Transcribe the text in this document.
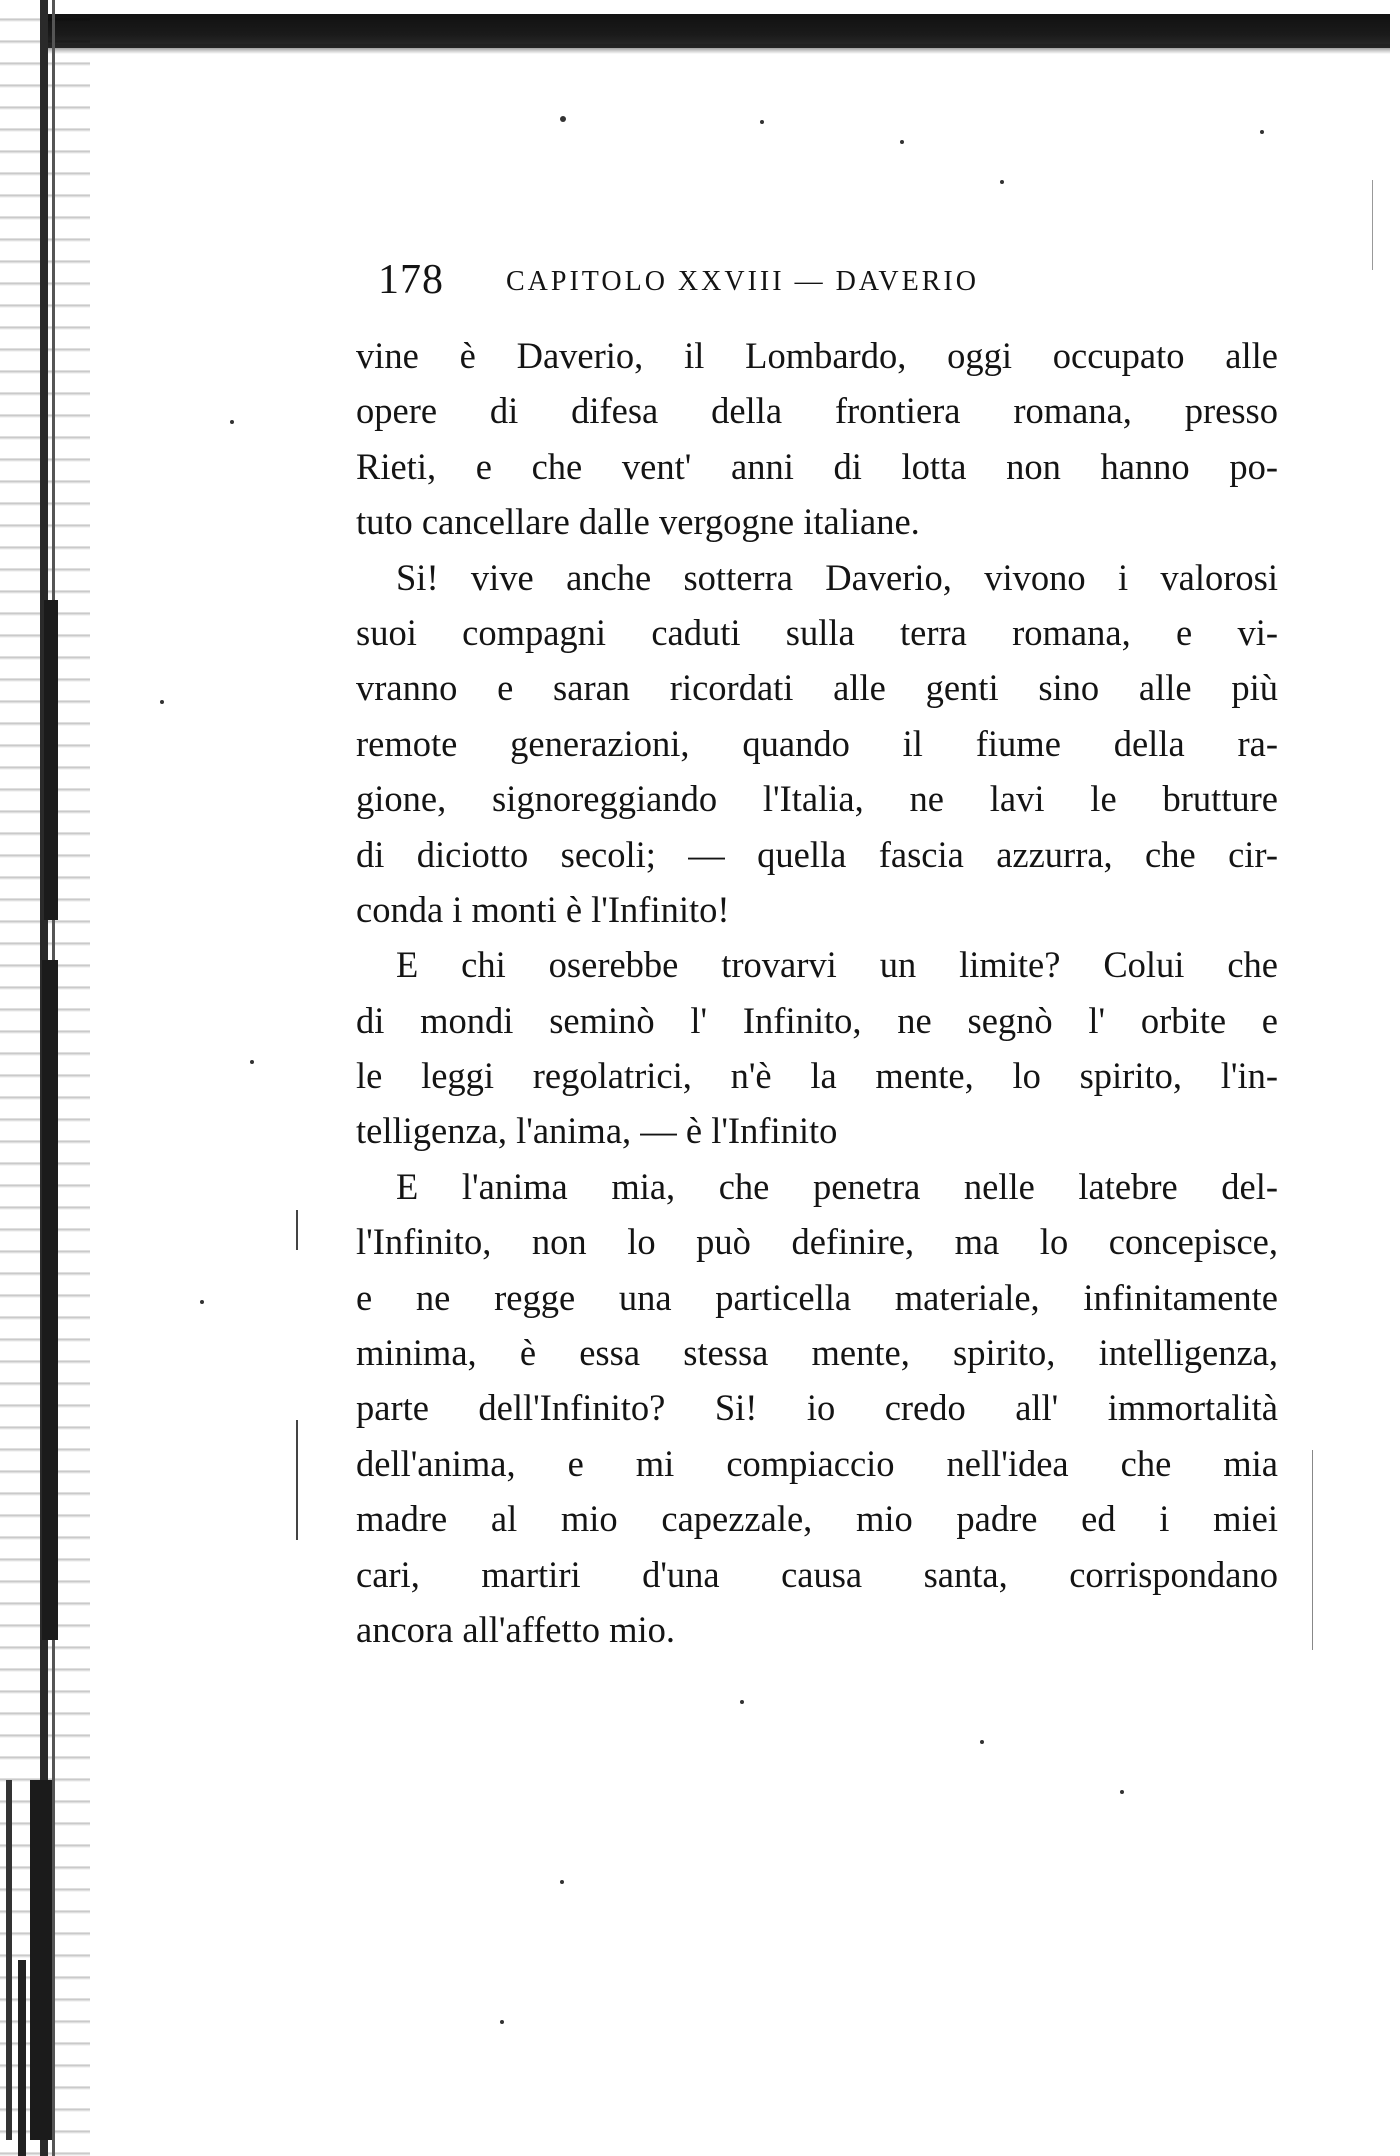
178 CAPITOLO XXVIII — DAVERIO
vine è Daverio, il Lombardo, oggi occupato alle
opere di difesa della frontiera romana, presso
Rieti, e che vent' anni di lotta non hanno po-
tuto cancellare dalle vergogne italiane.
Si! vive anche sotterra Daverio, vivono i valorosi
suoi compagni caduti sulla terra romana, e vi-
vranno e saran ricordati alle genti sino alle più
remote generazioni, quando il fiume della ra-
gione, signoreggiando l'Italia, ne lavi le brutture
di diciotto secoli; — quella fascia azzurra, che cir-
conda i monti è l'Infinito!
E chi oserebbe trovarvi un limite? Colui che
di mondi seminò l' Infinito, ne segnò l' orbite e
le leggi regolatrici, n'è la mente, lo spirito, l'in-
telligenza, l'anima, — è l'Infinito
E l'anima mia, che penetra nelle latebre del-
l'Infinito, non lo può definire, ma lo concepisce,
e ne regge una particella materiale, infinitamente
minima, è essa stessa mente, spirito, intelligenza,
parte dell'Infinito? Si! io credo all' immortalità
dell'anima, e mi compiaccio nell'idea che mia
madre al mio capezzale, mio padre ed i miei
cari, martiri d'una causa santa, corrispondano
ancora all'affetto mio.
